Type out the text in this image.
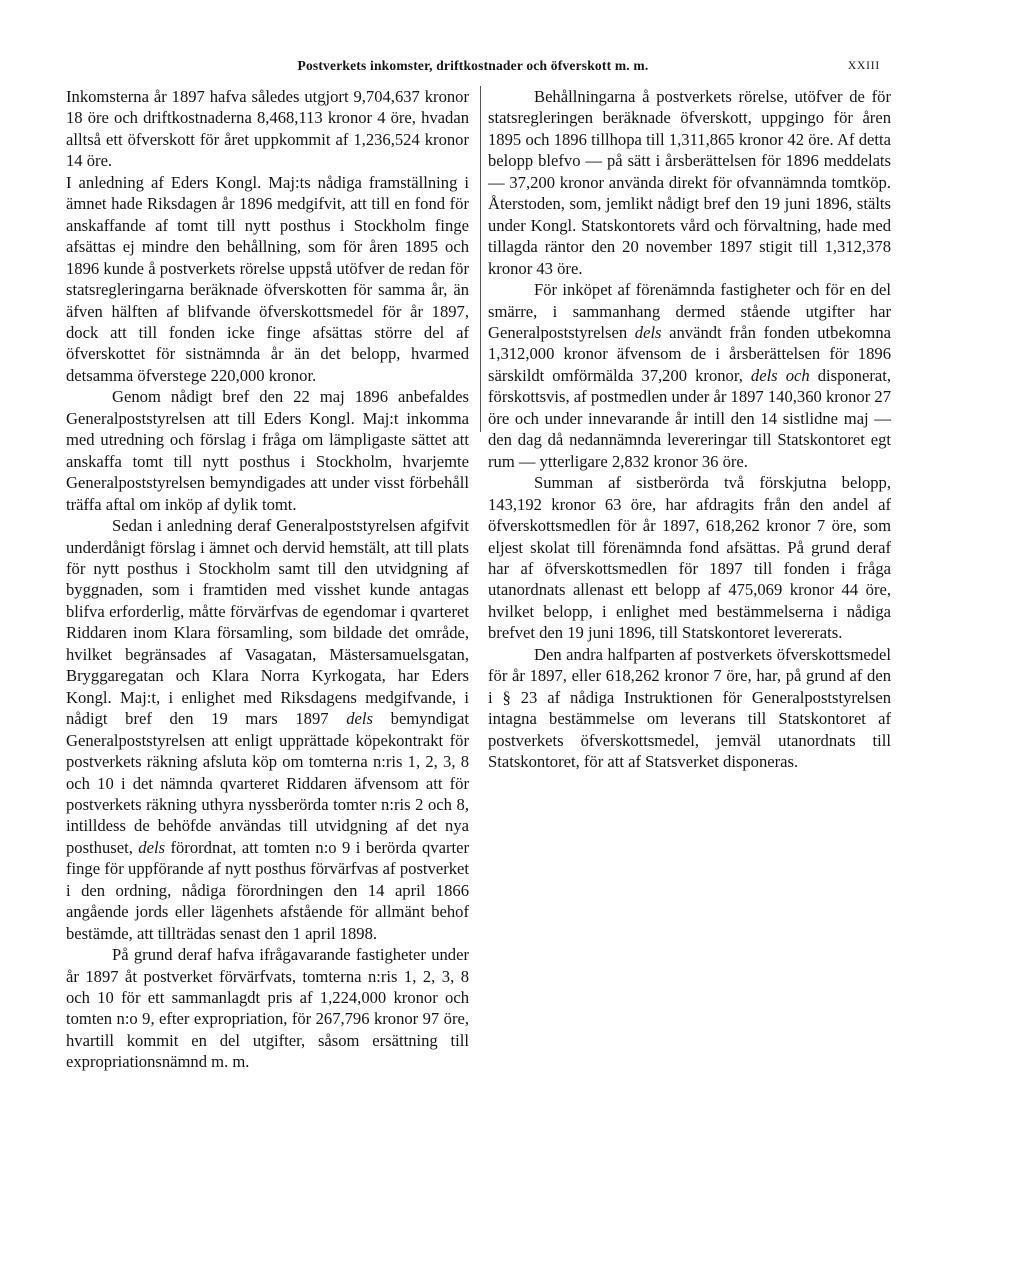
Postverkets inkomster, driftkostnader och öfverskott m. m.	XXIII

Inkomsterna år 1897 hafva således utgjort 9,704,637 kronor 18 öre och driftkostnaderna 8,468,113 kronor 4 öre, hvadan alltså ett öfverskott för året uppkommit af 1,236,524 kronor 14 öre.

I anledning af Eders Kongl. Maj:ts nådiga framställning i ämnet hade Riksdagen år 1896 medgifvit, att till en fond för anskaffande af tomt till nytt posthus i Stockholm finge afsättas ej mindre den behållning, som för åren 1895 och 1896 kunde å postverkets rörelse uppstå utöfver de redan för statsregleringarna beräknade öfverskotten för samma år, än äfven hälften af blifvande öfverskottsmedel för år 1897, dock att till fonden icke finge afsättas större del af öfverskottet för sistnämnda år än det belopp, hvarmed detsamma öfverstege 220,000 kronor.

Genom nådigt bref den 22 maj 1896 anbefaldes Generalpoststyrelsen att till Eders Kongl. Maj:t inkomma med utredning och förslag i fråga om lämpligaste sättet att anskaffa tomt till nytt posthus i Stockholm, hvarjemte Generalpoststyrelsen bemyndigades att under visst förbehåll träffa aftal om inköp af dylik tomt.

Sedan i anledning deraf Generalpoststyrelsen afgifvit underdånigt förslag i ämnet och dervid hemstält, att till plats för nytt posthus i Stockholm samt till den utvidgning af byggnaden, som i framtiden med visshet kunde antagas blifva erforderlig, måtte förvärfvas de egendomar i qvarteret Riddaren inom Klara församling, som bildade det område, hvilket begränsades af Vasagatan, Mästersamuelsgatan, Bryggaregatan och Klara Norra Kyrkogata, har Eders Kongl. Maj:t, i enlighet med Riksdagens medgifvande, i nådigt bref den 19 mars 1897 dels bemyndigat Generalpoststyrelsen att enligt upprättade köpekontrakt för postverkets räkning afsluta köp om tomterna n:ris 1, 2, 3, 8 och 10 i det nämnda qvarteret Riddaren äfvensom att för postverkets räkning uthyra nyssberörda tomter n:ris 2 och 8, intilldess de behöfde användas till utvidgning af det nya posthuset, dels förordnat, att tomten n:o 9 i berörda qvarter finge för uppförande af nytt posthus förvärfvas af postverket i den ordning, nådiga förordningen den 14 april 1866 angående jords eller lägenhets afstående för allmänt behof bestämde, att tillträdas senast den 1 april 1898.

På grund deraf hafva ifrågavarande fastigheter under år 1897 åt postverket förvärfvats, tomterna n:ris 1, 2, 3, 8 och 10 för ett sammanlagdt pris af 1,224,000 kronor och tomten n:o 9, efter expropriation, för 267,796 kronor 97 öre, hvartill kommit en del utgifter, såsom ersättning till expropriationsnämnd m. m.

Behållningarna å postverkets rörelse, utöfver de för statsregleringen beräknade öfverskott, uppgingo för åren 1895 och 1896 tillhopa till 1,311,865 kronor 42 öre. Af detta belopp blefvo — på sätt i årsberättelsen för 1896 meddelats — 37,200 kronor använda direkt för ofvannämnda tomtköp. Återstoden, som, jemlikt nådigt bref den 19 juni 1896, stälts under Kongl. Statskontorets vård och förvaltning, hade med tillagda räntor den 20 november 1897 stigit till 1,312,378 kronor 43 öre.

För inköpet af förenämnda fastigheter och för en del smärre, i sammanhang dermed stående utgifter har Generalpoststyrelsen dels användt från fonden utbekomna 1,312,000 kronor äfvensom de i årsberättelsen för 1896 särskildt omförmälda 37,200 kronor, dels och disponerat, förskottsvis, af postmedlen under år 1897 140,360 kronor 27 öre och under innevarande år intill den 14 sistlidne maj — den dag då nedannämnda levereringar till Statskontoret egt rum — ytterligare 2,832 kronor 36 öre.

Summan af sistberörda två förskjutna belopp, 143,192 kronor 63 öre, har afdragits från den andel af öfverskottsmedlen för år 1897, 618,262 kronor 7 öre, som eljest skolat till förenämnda fond afsättas. På grund deraf har af öfverskottsmedlen för 1897 till fonden i fråga utanordnats allenast ett belopp af 475,069 kronor 44 öre, hvilket belopp, i enlighet med bestämmelserna i nådiga brefvet den 19 juni 1896, till Statskontoret levererats.

Den andra halfparten af postverkets öfverskottsmedel för år 1897, eller 618,262 kronor 7 öre, har, på grund af den i § 23 af nådiga Instruktionen för Generalpoststyrelsen intagna bestämmelse om leverans till Statskontoret af postverkets öfverskottsmedel, jemväl utanordnats till Statskontoret, för att af Statsverket disponeras.
